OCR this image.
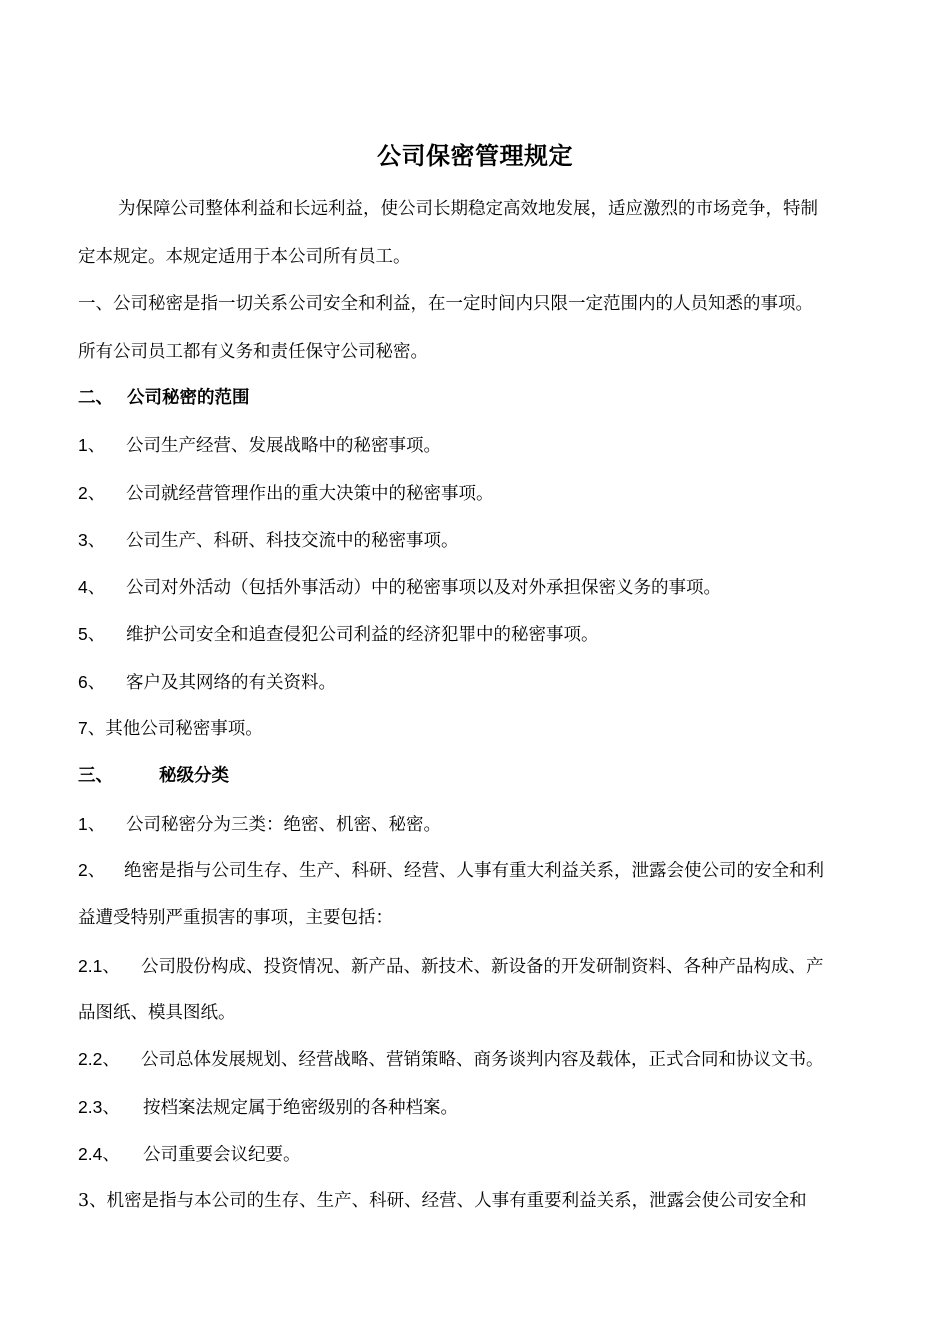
公司保密管理规定
为保障公司整体利益和长远利益，使公司长期稳定高效地发展，适应激烈的市场竞争，特制
定本规定。本规定适用于本公司所有员工。
一、公司秘密是指一切关系公司安全和利益，在一定时间内只限一定范围内的人员知悉的事项。
所有公司员工都有义务和责任保守公司秘密。
二、 公司秘密的范围
1、 公司生产经营、发展战略中的秘密事项。
2、 公司就经营管理作出的重大决策中的秘密事项。
3、 公司生产、科研、科技交流中的秘密事项。
4、 公司对外活动（包括外事活动）中的秘密事项以及对外承担保密义务的事项。
5、 维护公司安全和追查侵犯公司利益的经济犯罪中的秘密事项。
6、 客户及其网络的有关资料。
7、其他公司秘密事项。
三、	秘级分类
1、 公司秘密分为三类：绝密、机密、秘密。
2、 绝密是指与公司生存、生产、科研、经营、人事有重大利益关系，泄露会使公司的安全和利
益遭受特别严重损害的事项，主要包括：
2.1、 公司股份构成、投资情况、新产品、新技术、新设备的开发研制资料、各种产品构成、产
品图纸、模具图纸。
2.2、 公司总体发展规划、经营战略、营销策略、商务谈判内容及载体，正式合同和协议文书。
2.3、 按档案法规定属于绝密级别的各种档案。
2.4、 公司重要会议纪要。
3、机密是指与本公司的生存、生产、科研、经营、人事有重要利益关系，泄露会使公司安全和
